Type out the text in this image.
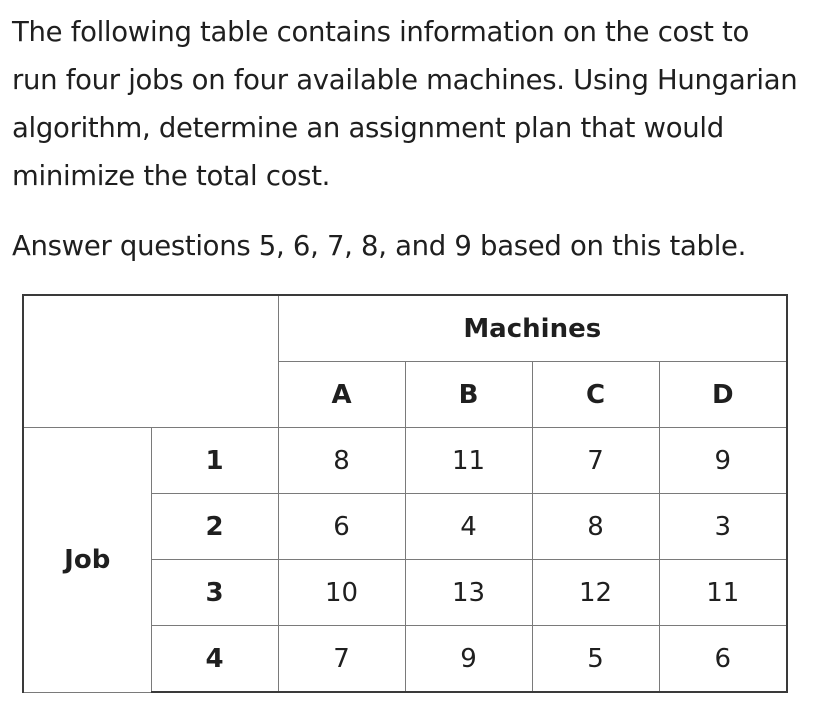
The following table contains information on the cost to run four jobs on four available machines. Using Hungarian algorithm, determine an assignment plan that would minimize the total cost.

Answer questions 5, 6, 7, 8, and 9 based on this table.

		Machines			
		A	B	C	D
Job	1	8	11	7	9
	2	6	4	8	3
	3	10	13	12	11
	4	7	9	5	6
